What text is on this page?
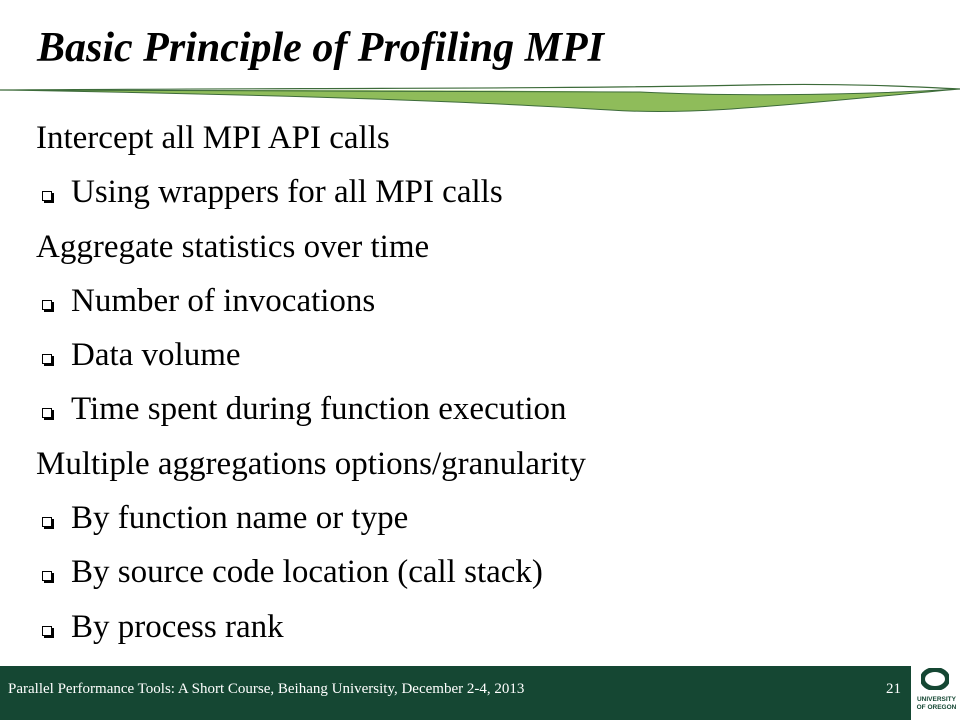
Basic Principle of Profiling MPI
Intercept all MPI API calls
Using wrappers for all MPI calls
Aggregate statistics over time
Number of invocations
Data volume
Time spent during function execution
Multiple aggregations options/granularity
By function name or type
By source code location (call stack)
By process rank
Parallel Performance Tools: A Short Course, Beihang University, December 2-4, 2013	21
UNIVERSITY
OF OREGON
